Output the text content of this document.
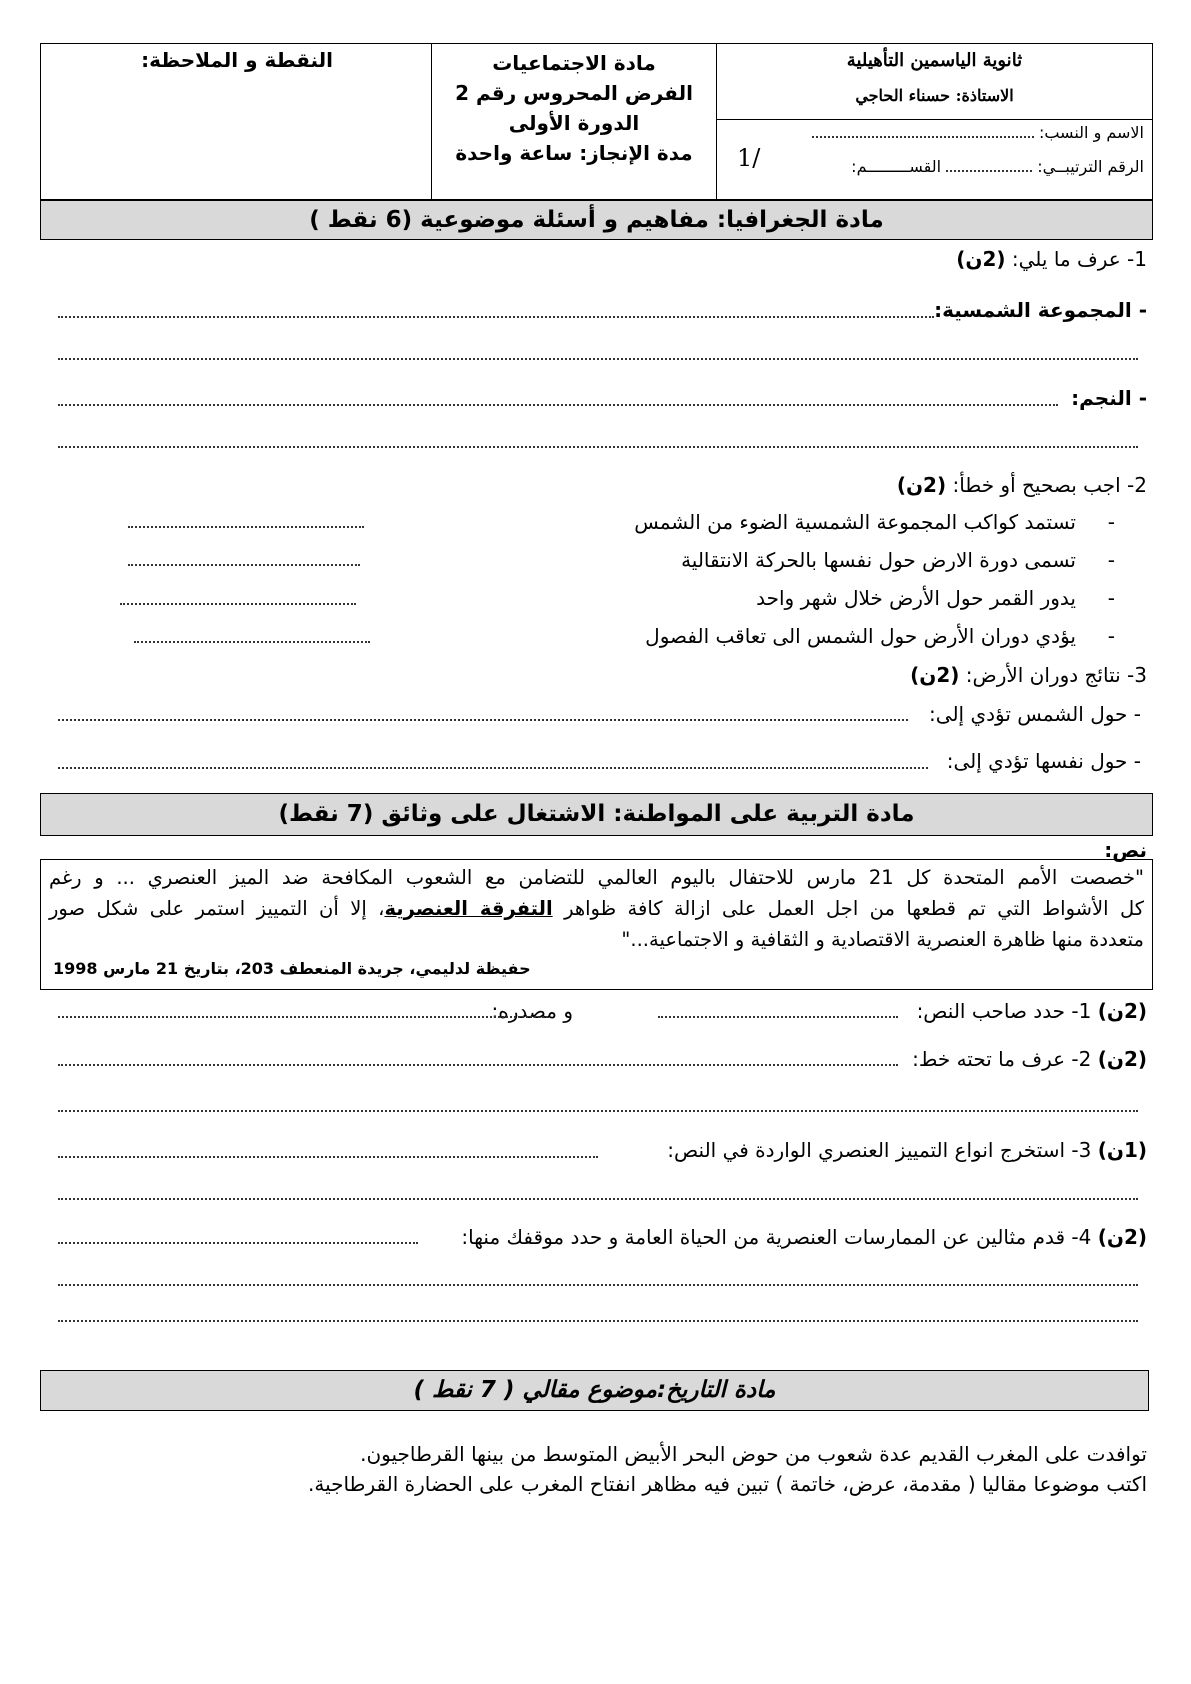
ثانوية الياسمين التأهيلية
الاستاذة: حسناء الحاجي
الاسم و النسب:
الرقم الترتيبــي:  القســـــــــم:
1/
مادة الاجتماعيات
الفرض المحروس رقم 2
الدورة الأولى
مدة الإنجاز: ساعة واحدة
النقطة و الملاحظة:
مادة الجغرافيا: مفاهيم و أسئلة موضوعية (6 نقط )
1- عرف ما يلي: (2ن)
- المجموعة الشمسية:
- النجم:
2- اجب بصحيح أو خطأ: (2ن)
-     تستمد كواكب المجموعة الشمسية الضوء من الشمس
-     تسمى دورة الارض حول نفسها بالحركة الانتقالية
-     يدور القمر حول الأرض خلال شهر واحد
-     يؤدي دوران الأرض حول الشمس الى تعاقب الفصول
3- نتائج دوران الأرض: (2ن)
- حول الشمس تؤدي إلى:
- حول نفسها تؤدي إلى:
مادة التربية على المواطنة: الاشتغال على وثائق (7 نقط)
نص:
"خصصت الأمم المتحدة كل 21 مارس للاحتفال باليوم العالمي للتضامن مع الشعوب المكافحة ضد الميز العنصري ... و رغم
كل الأشواط التي تم قطعها من اجل العمل على ازالة كافة ظواهر التفرقة العنصرية، إلا أن التمييز استمر على شكل صور
متعددة منها ظاهرة العنصرية الاقتصادية و الثقافية و الاجتماعية..."
حفيظة لدليمي، جريدة المنعطف 203، بتاريخ 21 مارس 1998
(2ن) 1- حدد صاحب النص:
و مصدره:
(2ن) 2- عرف ما تحته خط:
(1ن) 3- استخرج انواع التمييز العنصري الواردة في النص:
(2ن) 4- قدم مثالين عن الممارسات العنصرية من الحياة العامة و حدد موقفك منها:
مادة التاريخ:موضوع مقالي ( 7 نقط )
توافدت على المغرب القديم عدة شعوب من حوض البحر الأبيض المتوسط من بينها القرطاجيون.
اكتب موضوعا مقاليا ( مقدمة، عرض، خاتمة ) تبين فيه مظاهر انفتاح المغرب على الحضارة القرطاجية.
